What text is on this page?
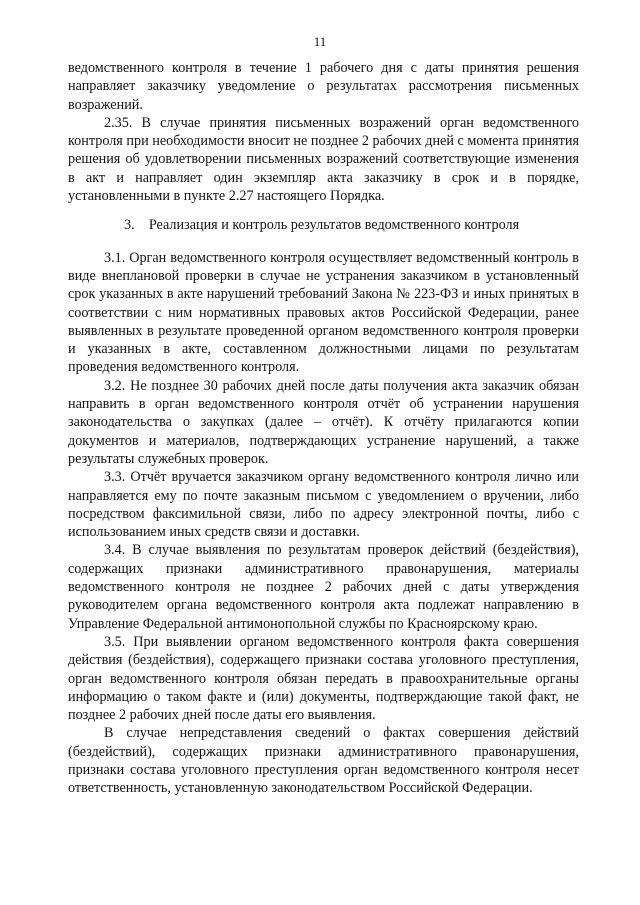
11

ведомственного контроля в течение 1 рабочего дня с даты принятия решения направляет заказчику уведомление о результатах рассмотрения письменных возражений.

2.35. В случае принятия письменных возражений орган ведомственного контроля при необходимости вносит не позднее 2 рабочих дней с момента принятия решения об удовлетворении письменных возражений соответствующие изменения в акт и направляет один экземпляр акта заказчику в срок и в порядке, установленными в пункте 2.27 настоящего Порядка.

3.    Реализация и контроль результатов ведомственного контроля

3.1. Орган ведомственного контроля осуществляет ведомственный контроль в виде внеплановой проверки в случае не устранения заказчиком в установленный срок указанных в акте нарушений требований Закона № 223-ФЗ и иных принятых в соответствии с ним нормативных правовых актов Российской Федерации, ранее выявленных в результате проведенной органом ведомственного контроля проверки и указанных в акте, составленном должностными лицами по результатам проведения ведомственного контроля.

3.2. Не позднее 30 рабочих дней после даты получения акта заказчик обязан направить в орган ведомственного контроля отчёт об устранении нарушения законодательства о закупках (далее – отчёт). К отчёту прилагаются копии документов и материалов, подтверждающих устранение нарушений, а также результаты служебных проверок.

3.3. Отчёт вручается заказчиком органу ведомственного контроля лично или направляется ему по почте заказным письмом с уведомлением о вручении, либо посредством факсимильной связи, либо по адресу электронной почты, либо с использованием иных средств связи и доставки.

3.4. В случае выявления по результатам проверок действий (бездействия), содержащих признаки административного правонарушения, материалы ведомственного контроля не позднее 2 рабочих дней с даты утверждения руководителем органа ведомственного контроля акта подлежат направлению в Управление Федеральной антимонопольной службы по Красноярскому краю.

3.5. При выявлении органом ведомственного контроля факта совершения действия (бездействия), содержащего признаки состава уголовного преступления, орган ведомственного контроля обязан передать в правоохранительные органы информацию о таком факте и (или) документы, подтверждающие такой факт, не позднее 2 рабочих дней после даты его выявления.

В случае непредставления сведений о фактах совершения действий (бездействий), содержащих признаки административного правонарушения, признаки состава уголовного преступления орган ведомственного контроля несет ответственность, установленную законодательством Российской Федерации.
